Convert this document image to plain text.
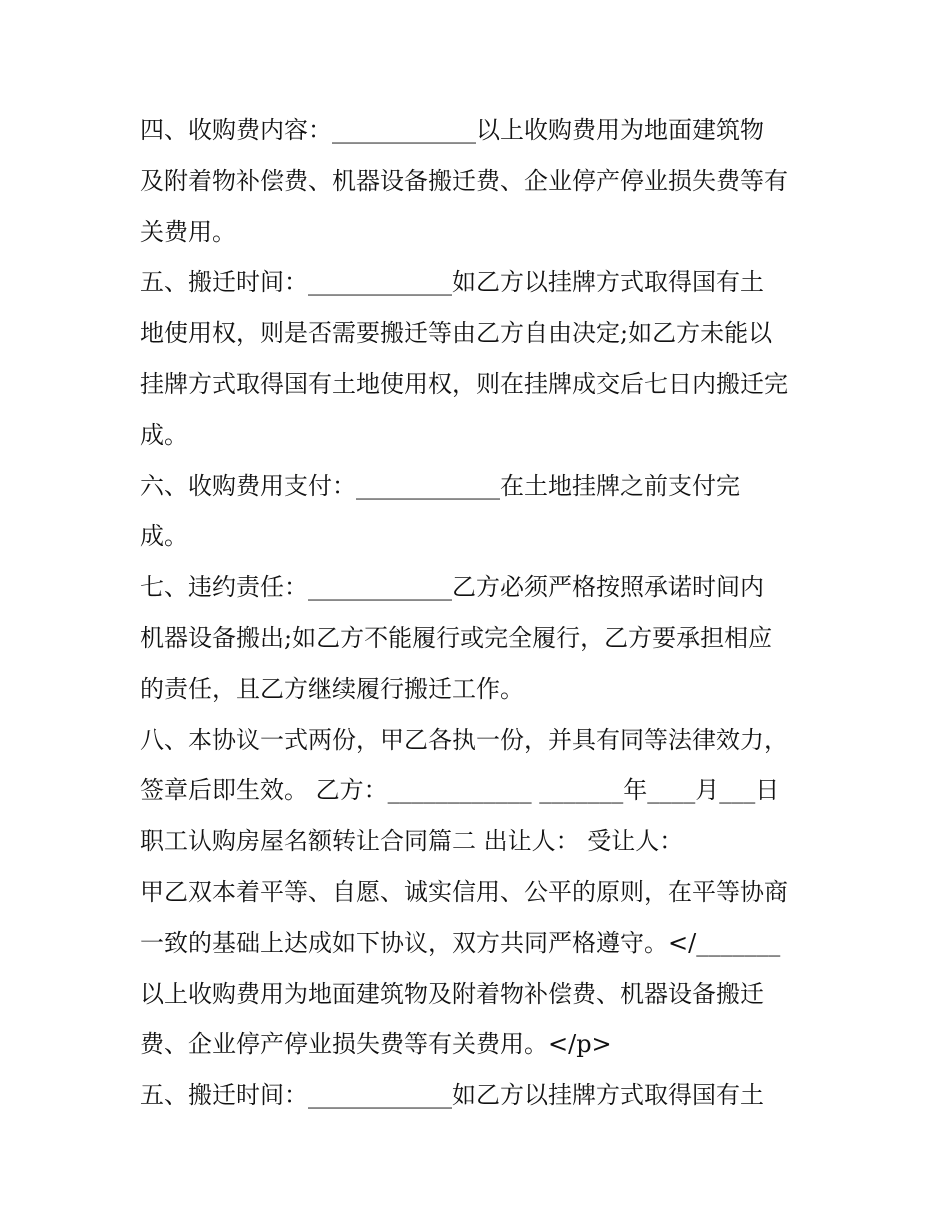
四、收购费内容：____________以上收购费用为地面建筑物
及附着物补偿费、机器设备搬迁费、企业停产停业损失费等有
关费用。
五、搬迁时间：____________如乙方以挂牌方式取得国有土
地使用权，则是否需要搬迁等由乙方自由决定;如乙方未能以
挂牌方式取得国有土地使用权，则在挂牌成交后七日内搬迁完
成。
六、收购费用支付：____________在土地挂牌之前支付完
成。
七、违约责任：____________乙方必须严格按照承诺时间内
机器设备搬出;如乙方不能履行或完全履行，乙方要承担相应
的责任，且乙方继续履行搬迁工作。
八、本协议一式两份，甲乙各执一份，并具有同等法律效力，
签章后即生效。 乙方：____________ _______年____月___日
职工认购房屋名额转让合同篇二 出让人： 受让人：
甲乙双本着平等、自愿、诚实信用、公平的原则，在平等协商
一致的基础上达成如下协议，双方共同严格遵守。</_______
以上收购费用为地面建筑物及附着物补偿费、机器设备搬迁
费、企业停产停业损失费等有关费用。</p>
五、搬迁时间：____________如乙方以挂牌方式取得国有土
